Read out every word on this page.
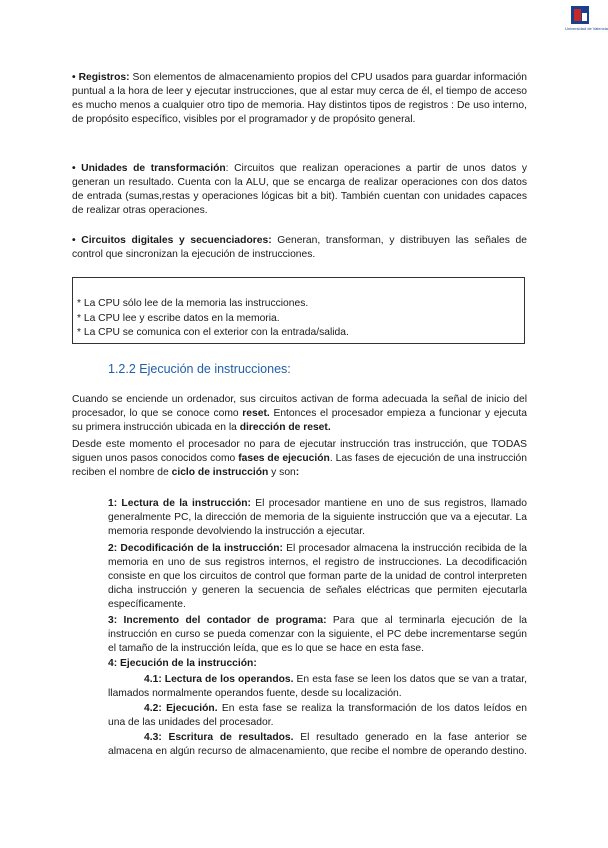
Universidad de Valencia
• Registros: Son elementos de almacenamiento propios del CPU usados para guardar información puntual a la hora de leer y ejecutar instrucciones, que al estar muy cerca de él, el tiempo de acceso es mucho menos a cualquier otro tipo de memoria. Hay distintos tipos de registros : De uso interno, de propósito específico, visibles por el programador y de propósito general.
• Unidades de transformación: Circuitos que realizan operaciones a partir de unos datos y generan un resultado. Cuenta con la ALU, que se encarga de realizar operaciones con dos datos de entrada (sumas,restas y operaciones lógicas bit a bit). También cuentan con unidades capaces de realizar otras operaciones.
• Circuitos digitales y secuenciadores: Generan, transforman, y distribuyen las señales de control que sincronizan la ejecución de instrucciones.
* La CPU sólo lee de la memoria las instrucciones.
* La CPU lee y escribe datos en la memoria.
* La CPU se comunica con el exterior con la entrada/salida.
1.2.2 Ejecución de instrucciones:
Cuando se enciende un ordenador, sus circuitos activan de forma adecuada la señal de inicio del procesador, lo que se conoce como reset. Entonces el procesador empieza a funcionar y ejecuta su primera instrucción ubicada en la dirección de reset.
Desde este momento el procesador no para de ejecutar instrucción tras instrucción, que TODAS siguen unos pasos conocidos como fases de ejecución. Las fases de ejecución de una instrucción reciben el nombre de ciclo de instrucción y son:
1: Lectura de la instrucción: El procesador mantiene en uno de sus registros, llamado generalmente PC, la dirección de memoria de la siguiente instrucción que va a ejecutar. La memoria responde devolviendo la instrucción a ejecutar.
2: Decodificación de la instrucción: El procesador almacena la instrucción recibida de la memoria en uno de sus registros internos, el registro de instrucciones. La decodificación consiste en que los circuitos de control que forman parte de la unidad de control interpreten dicha instrucción y generen la secuencia de señales eléctricas que permiten ejecutarla específicamente.
3: Incremento del contador de programa: Para que al terminarla ejecución de la instrucción en curso se pueda comenzar con la siguiente, el PC debe incrementarse según el tamaño de la instrucción leída, que es lo que se hace en esta fase.
4: Ejecución de la instrucción:
4.1: Lectura de los operandos. En esta fase se leen los datos que se van a tratar, llamados normalmente operandos fuente, desde su localización.
4.2: Ejecución. En esta fase se realiza la transformación de los datos leídos en una de las unidades del procesador.
4.3: Escritura de resultados. El resultado generado en la fase anterior se almacena en algún recurso de almacenamiento, que recibe el nombre de operando destino.
